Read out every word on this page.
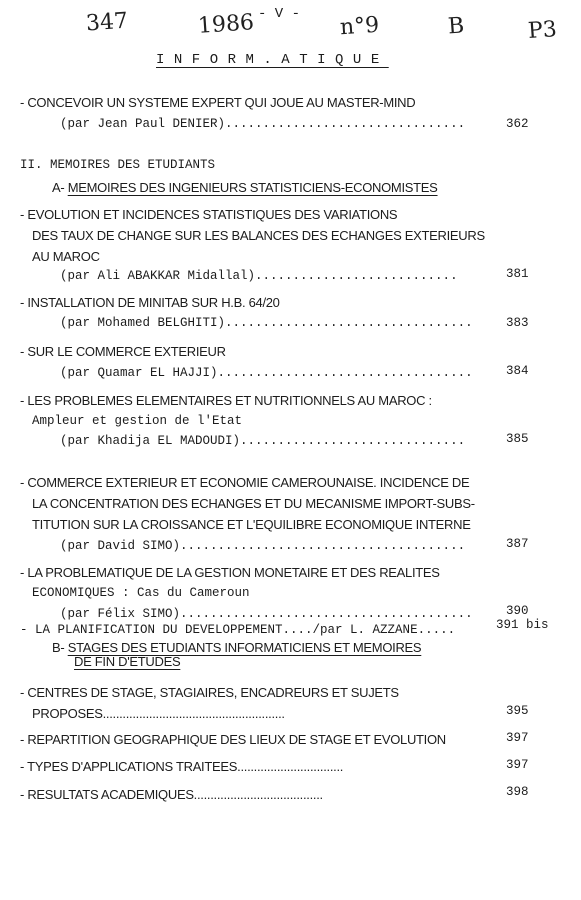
347	1986	n°9	B	P3
- V -
INFORM.ATIQUE
- CONCEVOIR UN SYSTEME EXPERT QUI JOUE AU MASTER-MIND
(par Jean Paul DENIER)................................	362
II. MEMOIRES DES ETUDIANTS
A- MEMOIRES DES INGENIEURS STATISTICIENS-ECONOMISTES
- EVOLUTION ET INCIDENCES STATISTIQUES DES VARIATIONS
DES TAUX DE CHANGE SUR LES BALANCES DES ECHANGES EXTERIEURS
AU MAROC
(par Ali ABAKKAR Midallal)...........................	381
- INSTALLATION DE MINITAB SUR H.B. 64/20
(par Mohamed BELGHITI).................................	383
- SUR LE COMMERCE EXTERIEUR
(par Quamar EL HAJJI)..................................	384
- LES PROBLEMES ELEMENTAIRES ET NUTRITIONNELS AU MAROC :
Ampleur et gestion de l'Etat
(par Khadija EL MADOUDI)..............................	385
- COMMERCE EXTERIEUR ET ECONOMIE CAMEROUNAISE. INCIDENCE DE
LA CONCENTRATION DES ECHANGES ET DU MECANISME IMPORT-SUBS-
TITUTION SUR LA CROISSANCE ET L'EQUILIBRE ECONOMIQUE INTERNE
(par David SIMO)......................................	387
- LA PROBLEMATIQUE DE LA GESTION MONETAIRE ET DES REALITES
ECONOMIQUES : Cas du Cameroun
(par Félix SIMO).......................................	390
- LA PLANIFICATION DU DEVELOPPEMENT..../par L. AZZANE.....	391 bis
B- STAGES DES ETUDIANTS INFORMATICIENS ET MEMOIRES
DE FIN D'ETUDES
- CENTRES DE STAGE, STAGIAIRES, ENCADREURS ET SUJETS
PROPOSES.......................................................	395
- REPARTITION GEOGRAPHIQUE DES LIEUX DE STAGE ET EVOLUTION	397
- TYPES D'APPLICATIONS TRAITEES................................	397
- RESULTATS ACADEMIQUES.......................................	398
